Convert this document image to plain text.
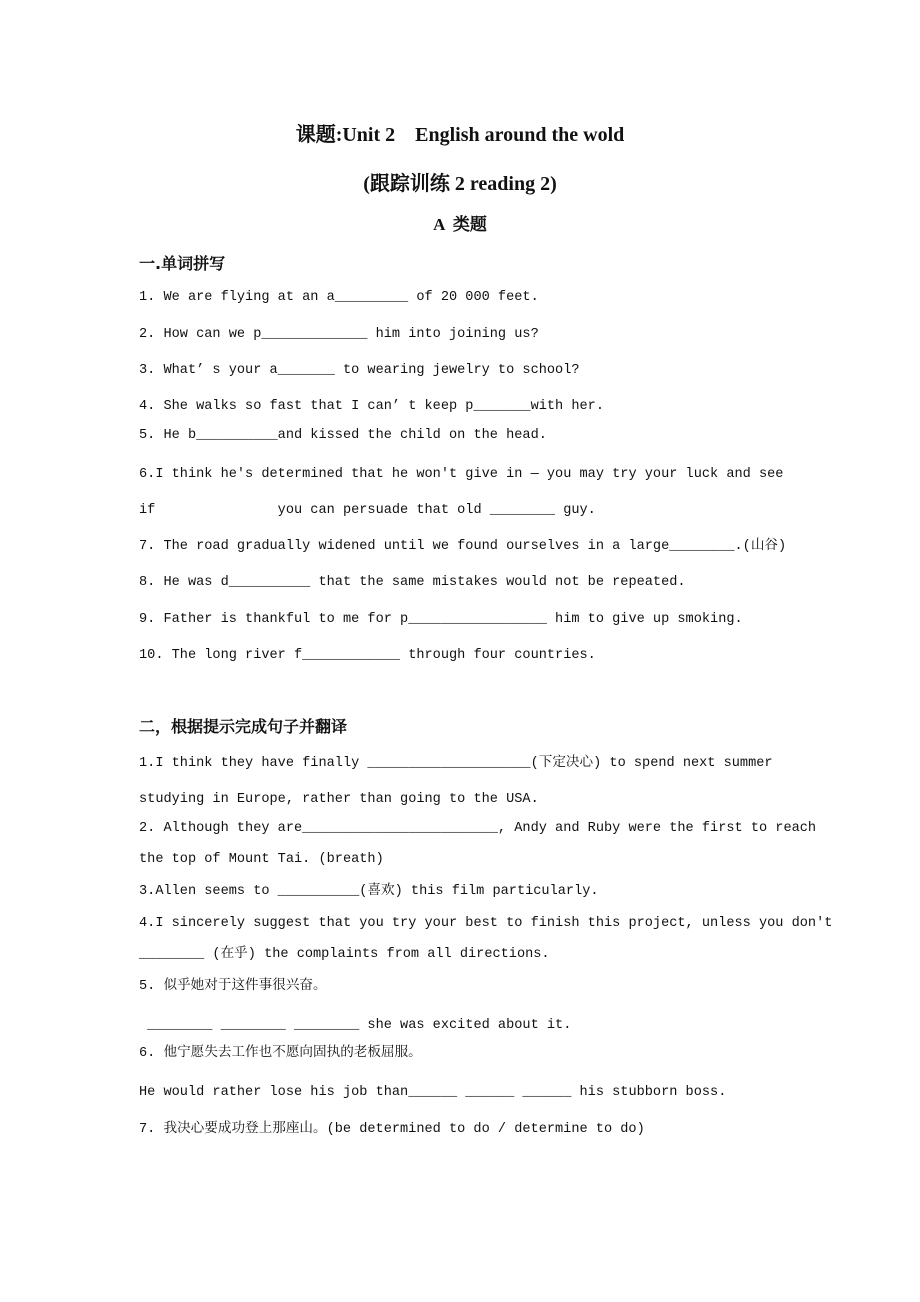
课题:Unit 2    English around the wold
(跟踪训练 2 reading 2)
A  类题
一.单词拼写
1. We are flying at an a_________ of 20 000 feet.
2. How can we p_____________ him into joining us?
3. What’ s your a_______ to wearing jewelry to school?
4. She walks so fast that I can’ t keep p_______with her.
5. He b__________and kissed the child on the head.
6.I think he's determined that he won't give in — you may try your luck and see
if               you can persuade that old ________ guy.
7. The road gradually widened until we found ourselves in a large________.(山谷)
8. He was d__________ that the same mistakes would not be repeated.
9. Father is thankful to me for p_________________ him to give up smoking.
10. The long river f____________ through four countries.
二，根据提示完成句子并翻译
1.I think they have finally ____________________(下定决心) to spend next summer
studying in Europe, rather than going to the USA.
2. Although they are________________________, Andy and Ruby were the first to reach
the top of Mount Tai. (breath)
3.Allen seems to __________(喜欢) this film particularly.
4.I sincerely suggest that you try your best to finish this project, unless you don't
________ (在乎) the complaints from all directions.
5. 似乎她对于这件事很兴奋。
________ ________ ________ she was excited about it.
6. 他宁愿失去工作也不愿向固执的老板屈服。
He would rather lose his job than______ ______ ______ his stubborn boss.
7. 我决心要成功登上那座山。(be determined to do / determine to do)
